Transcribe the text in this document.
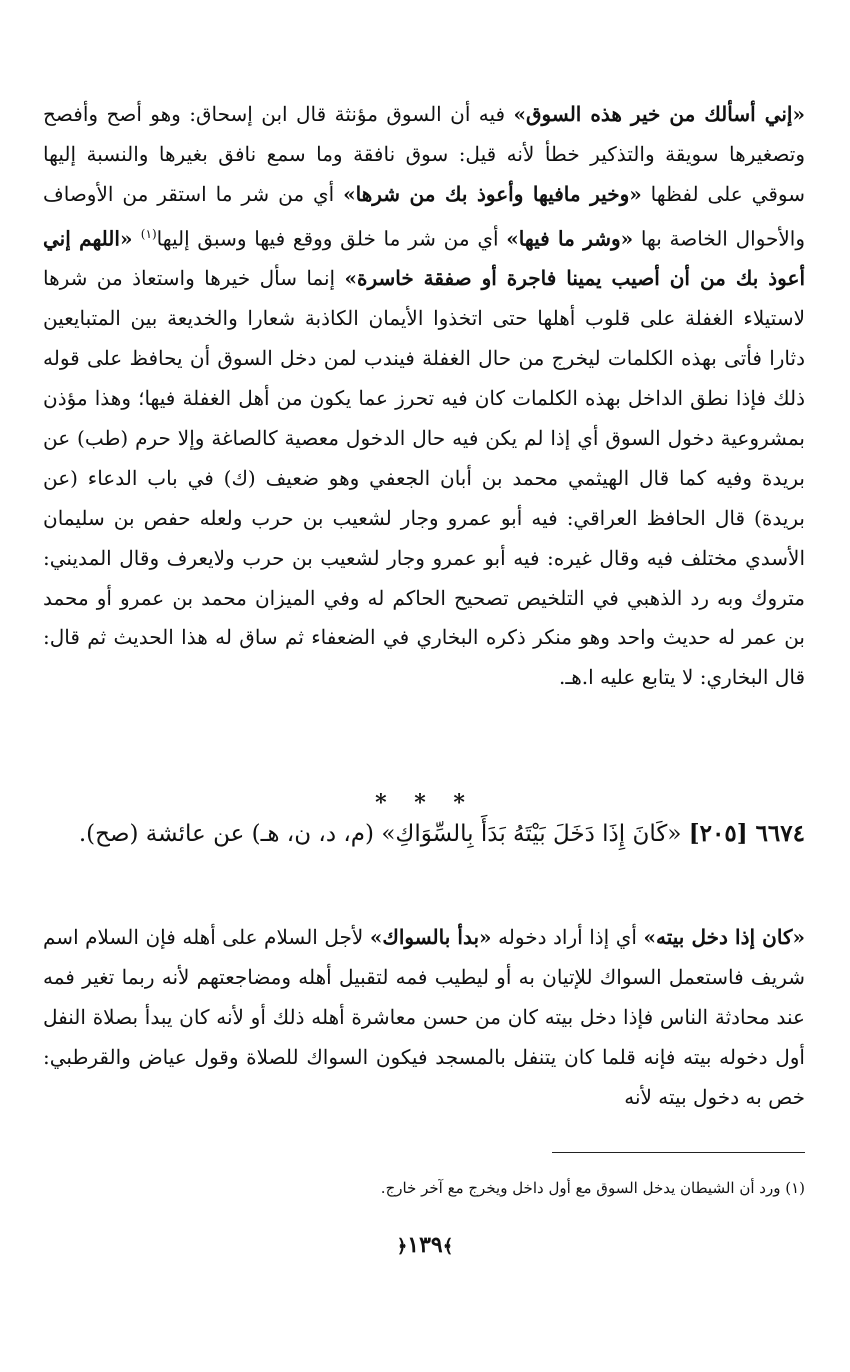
«إني أسألك من خير هذه السوق» فيه أن السوق مؤنثة قال ابن إسحاق: وهو أصح وأفصح وتصغيرها سويقة والتذكير خطأ لأنه قيل: سوق نافقة وما سمع نافق بغيرها والنسبة إليها سوقي على لفظها «وخير مافيها وأعوذ بك من شرها» أي من شر ما استقر من الأوصاف والأحوال الخاصة بها «وشر ما فيها» أي من شر ما خلق ووقع فيها وسبق إليها$^{(١)}$ «اللهم إني أعوذ بك من أن أصيب يمينا فاجرة أو صفقة خاسرة» إنما سأل خيرها واستعاذ من شرها لاستيلاء الغفلة على قلوب أهلها حتى اتخذوا الأيمان الكاذبة شعارا والخديعة بين المتبايعين دثارا فأتى بهذه الكلمات ليخرج من حال الغفلة فيندب لمن دخل السوق أن يحافظ على قوله ذلك فإذا نطق الداخل بهذه الكلمات كان فيه تحرز عما يكون من أهل الغفلة فيها؛ وهذا مؤذن بمشروعية دخول السوق أي إذا لم يكن فيه حال الدخول معصية كالصاغة وإلا حرم (طب) عن بريدة وفيه كما قال الهيثمي محمد بن أبان الجعفي وهو ضعيف (ك) في باب الدعاء (عن بريدة) قال الحافظ العراقي: فيه أبو عمرو وجار لشعيب بن حرب ولعله حفص بن سليمان الأسدي مختلف فيه وقال غيره: فيه أبو عمرو وجار لشعيب بن حرب ولايعرف وقال المديني: متروك وبه رد الذهبي في التلخيص تصحيح الحاكم له وفي الميزان محمد بن عمرو أو محمد بن عمر له حديث واحد وهو منكر ذكره البخاري في الضعفاء ثم ساق له هذا الحديث ثم قال: قال البخاري: لا يتابع عليه ا.هـ.
* * *
٦٦٧٤ [٢٠٥] «كَانَ إِذَا دَخَلَ بَيْتَهُ بَدَأَ بِالسِّوَاكِ» (م، د، ن، هـ) عن عائشة (صح).
«كان إذا دخل بيته» أي إذا أراد دخوله «بدأ بالسواك» لأجل السلام على أهله فإن السلام اسم شريف فاستعمل السواك للإتيان به أو ليطيب فمه لتقبيل أهله ومضاجعتهم لأنه ربما تغير فمه عند محادثة الناس فإذا دخل بيته كان من حسن معاشرة أهله ذلك أو لأنه كان يبدأ بصلاة النفل أول دخوله بيته فإنه قلما كان يتنفل بالمسجد فيكون السواك للصلاة وقول عياض والقرطبي: خص به دخول بيته لأنه
(١) ورد أن الشيطان يدخل السوق مع أول داخل ويخرج مع آخر خارج.
﴾١٣٩﴿
